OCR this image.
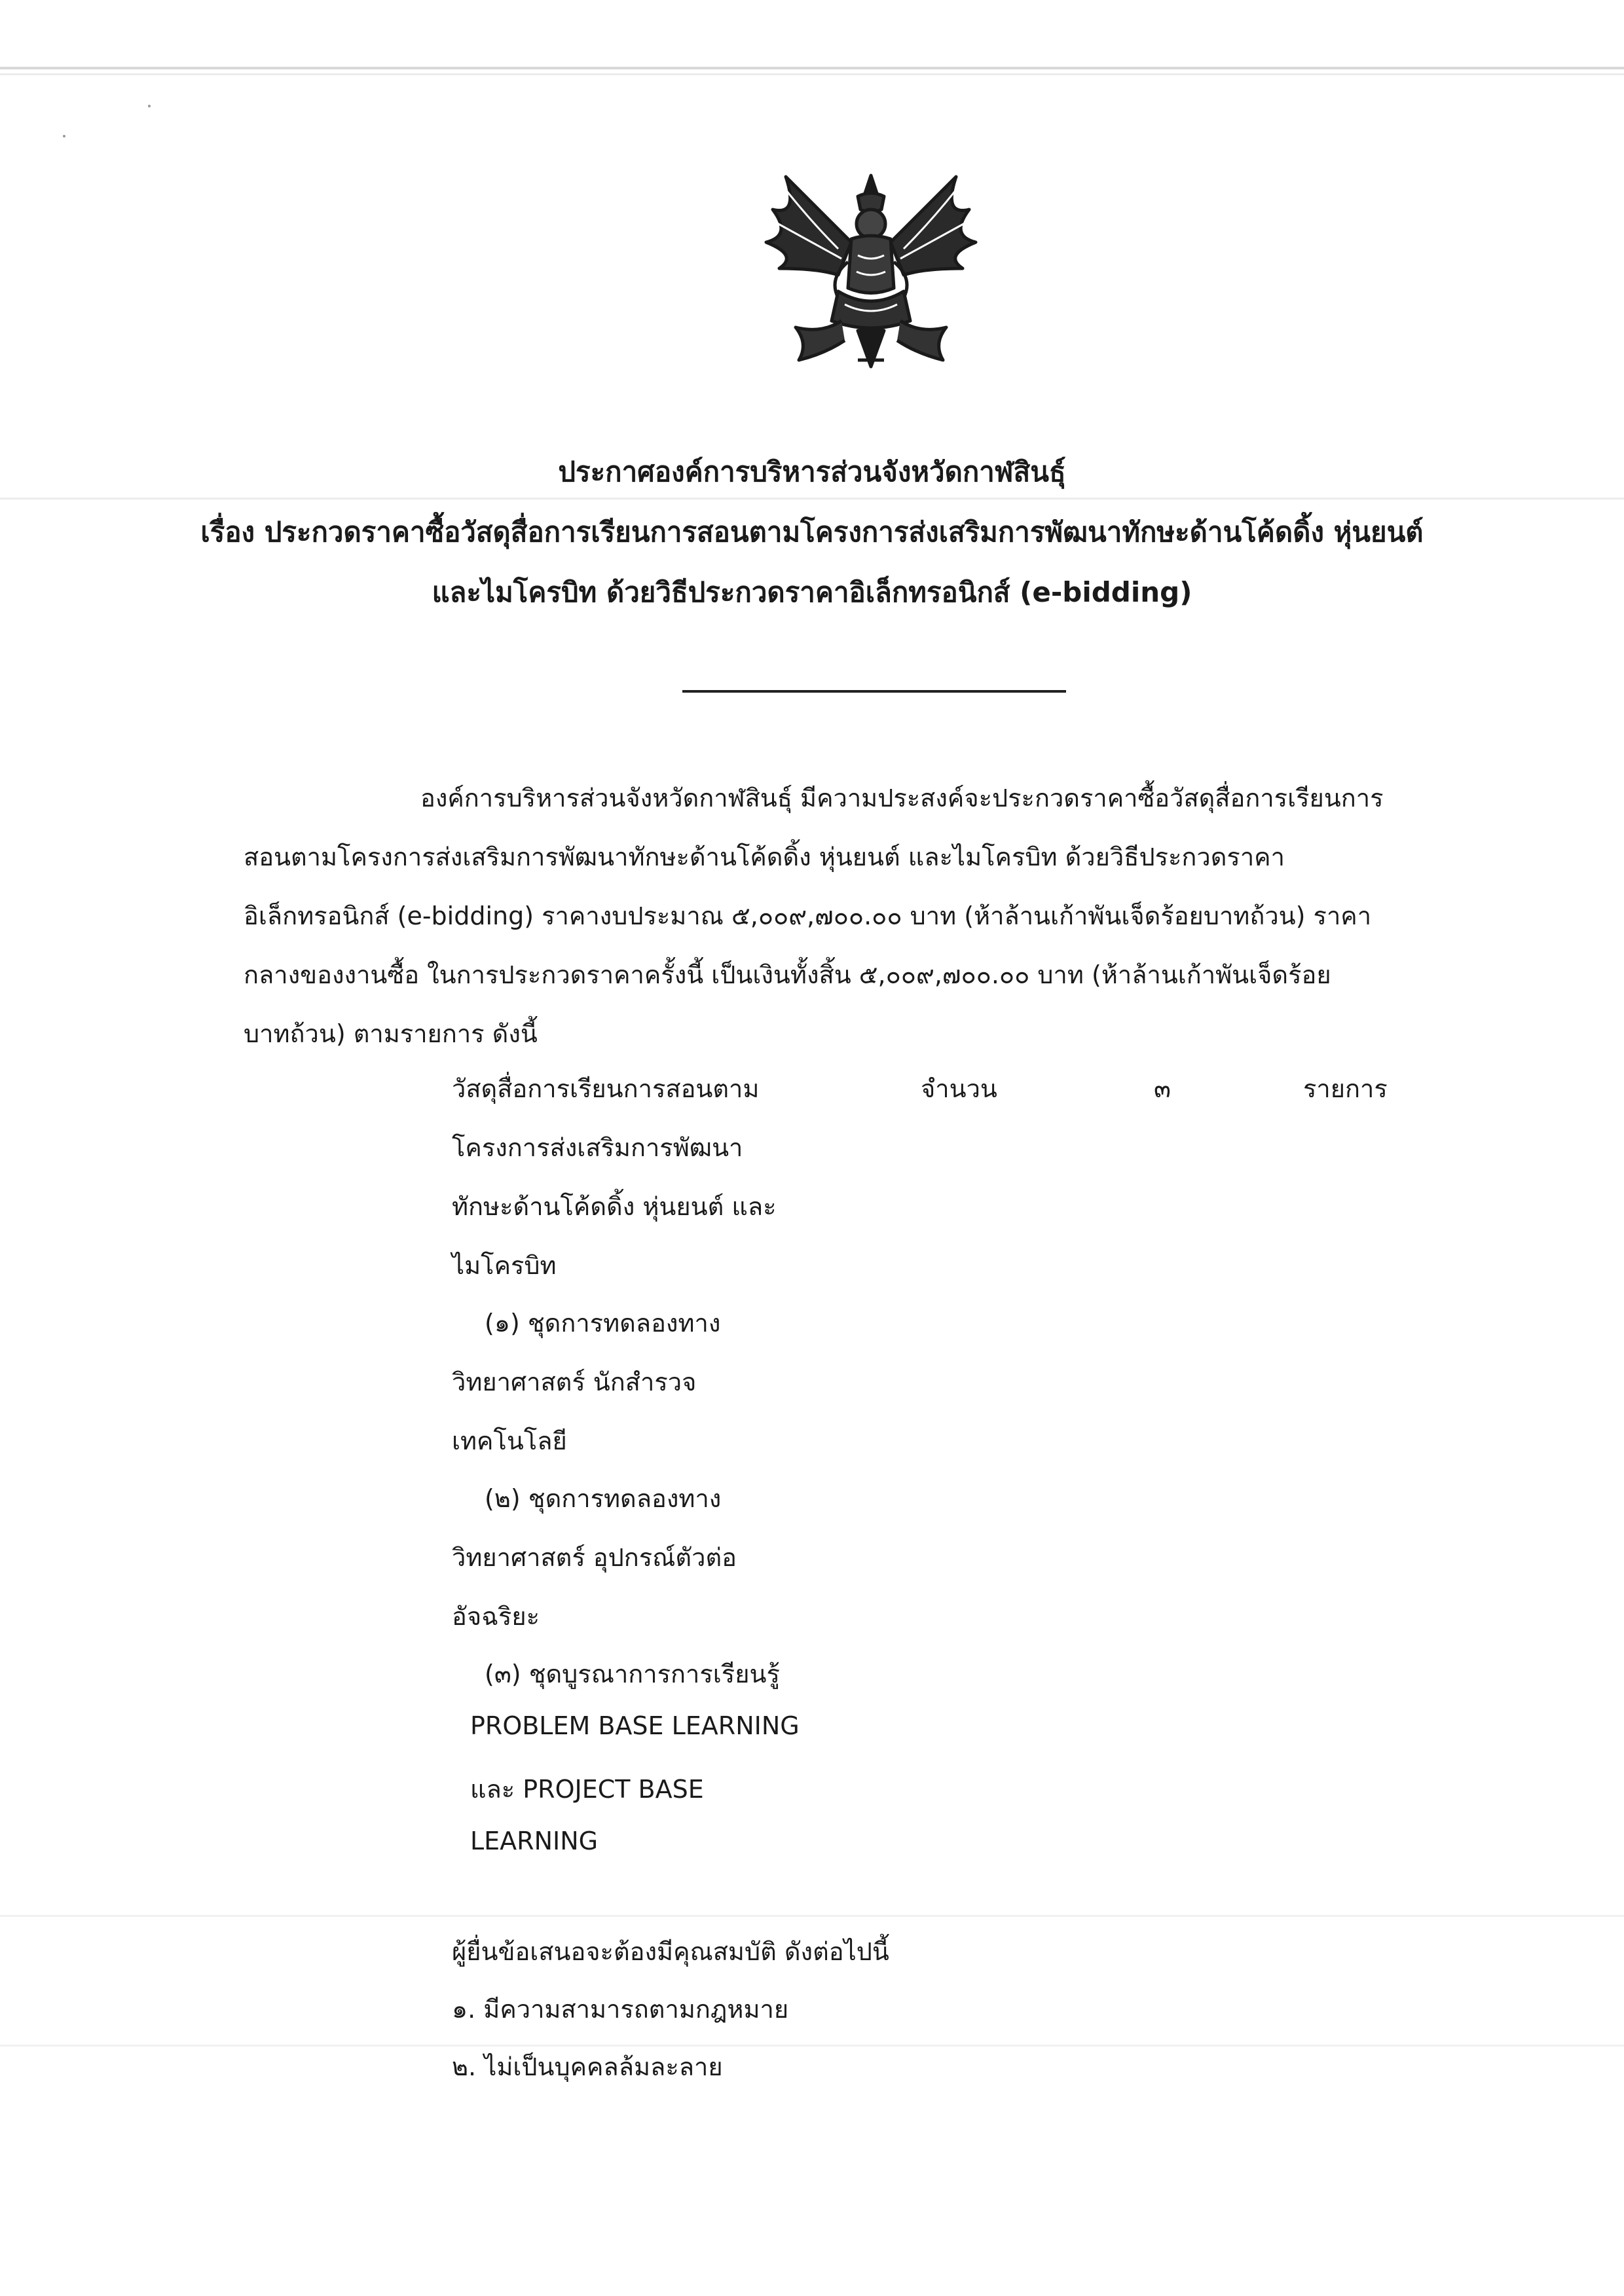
ประกาศองค์การบริหารส่วนจังหวัดกาฬสินธุ์
เรื่อง ประกวดราคาซื้อวัสดุสื่อการเรียนการสอนตามโครงการส่งเสริมการพัฒนาทักษะด้านโค้ดดิ้ง หุ่นยนต์
และไมโครบิท ด้วยวิธีประกวดราคาอิเล็กทรอนิกส์ (e-bidding)
องค์การบริหารส่วนจังหวัดกาฬสินธุ์ มีความประสงค์จะประกวดราคาซื้อวัสดุสื่อการเรียนการ
สอนตามโครงการส่งเสริมการพัฒนาทักษะด้านโค้ดดิ้ง หุ่นยนต์ และไมโครบิท ด้วยวิธีประกวดราคา
อิเล็กทรอนิกส์ (e-bidding) ราคางบประมาณ ๕,๐๐๙,๗๐๐.๐๐ บาท (ห้าล้านเก้าพันเจ็ดร้อยบาทถ้วน) ราคา
กลางของงานซื้อ ในการประกวดราคาครั้งนี้ เป็นเงินทั้งสิ้น ๕,๐๐๙,๗๐๐.๐๐ บาท (ห้าล้านเก้าพันเจ็ดร้อย
บาทถ้วน) ตามรายการ ดังนี้
วัสดุสื่อการเรียนการสอนตาม
โครงการส่งเสริมการพัฒนา
ทักษะด้านโค้ดดิ้ง หุ่นยนต์ และ
ไมโครบิท
(๑) ชุดการทดลองทาง
วิทยาศาสตร์ นักสำรวจ
เทคโนโลยี
(๒) ชุดการทดลองทาง
วิทยาศาสตร์ อุปกรณ์ตัวต่อ
อัจฉริยะ
(๓) ชุดบูรณาการการเรียนรู้
PROBLEM BASE LEARNING
และ PROJECT BASE
LEARNING
จำนวน	๓	รายการ
ผู้ยื่นข้อเสนอจะต้องมีคุณสมบัติ ดังต่อไปนี้
๑. มีความสามารถตามกฎหมาย
๒. ไม่เป็นบุคคลล้มละลาย
